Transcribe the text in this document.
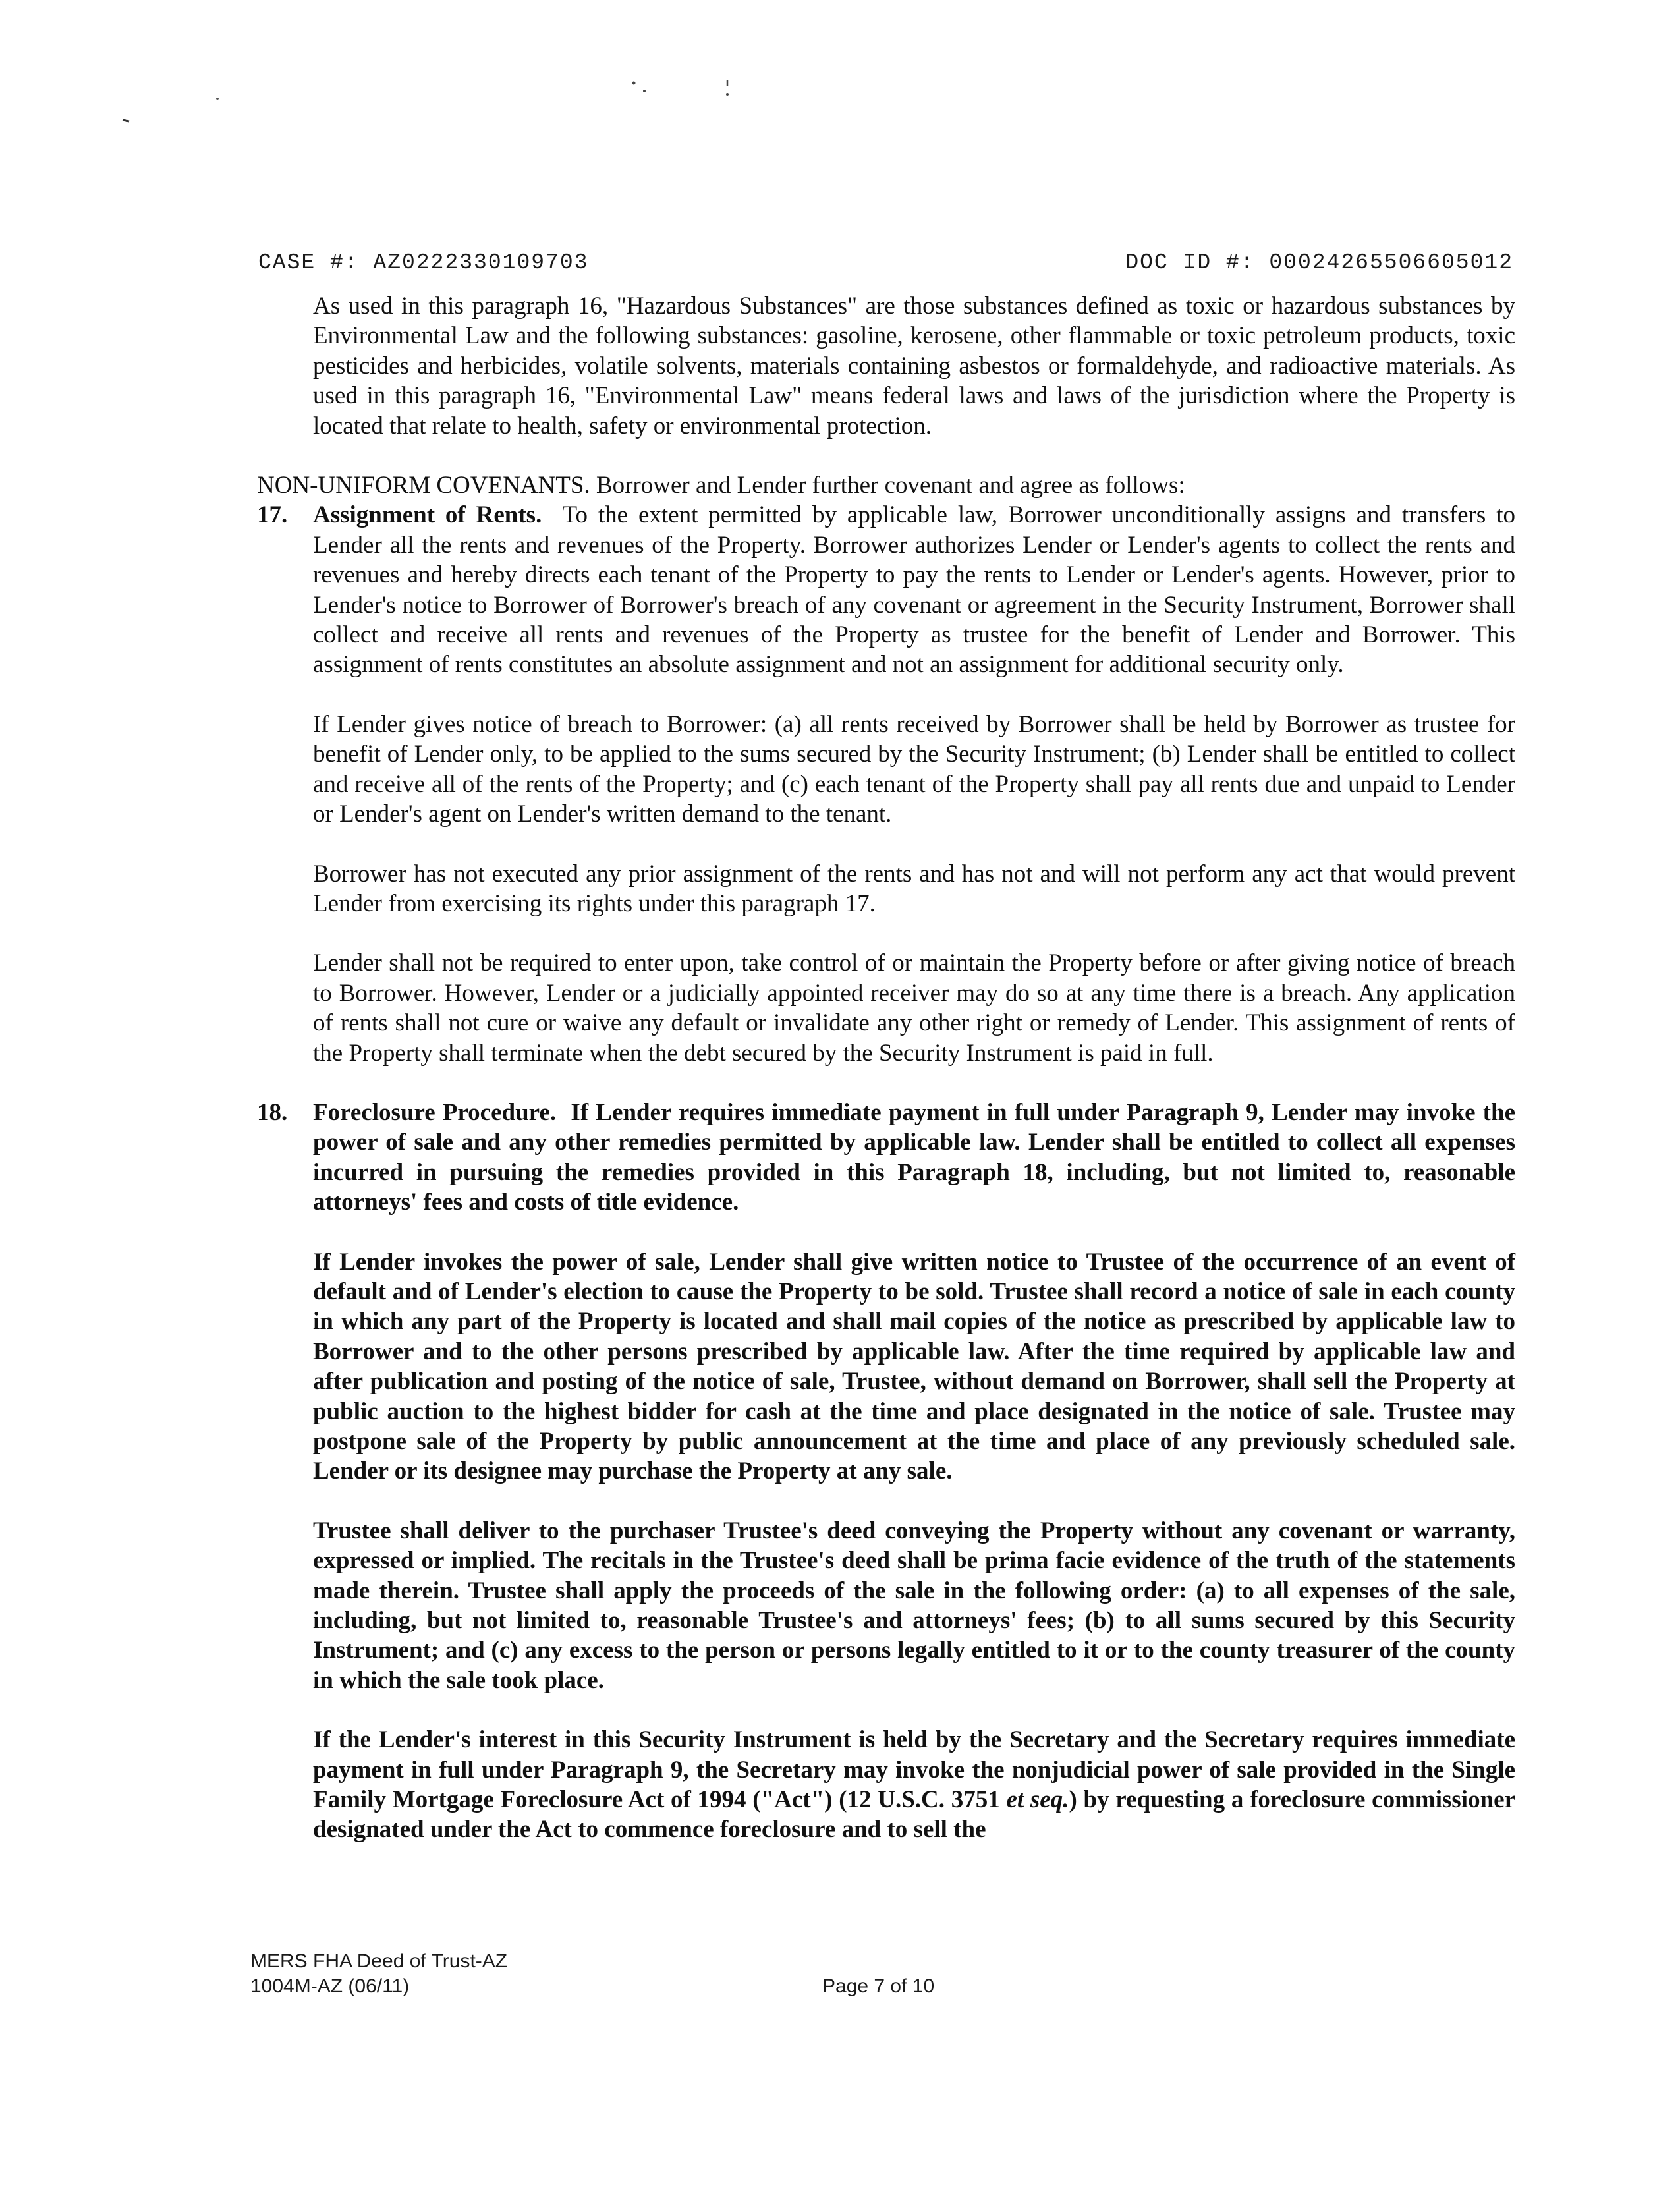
CASE #: AZ0222330109703	DOC ID #: 00024265506605012

As used in this paragraph 16, "Hazardous Substances" are those substances defined as toxic or hazardous substances by Environmental Law and the following substances: gasoline, kerosene, other flammable or toxic petroleum products, toxic pesticides and herbicides, volatile solvents, materials containing asbestos or formaldehyde, and radioactive materials. As used in this paragraph 16, "Environmental Law" means federal laws and laws of the jurisdiction where the Property is located that relate to health, safety or environmental protection.

NON-UNIFORM COVENANTS. Borrower and Lender further covenant and agree as follows:

17. Assignment of Rents. To the extent permitted by applicable law, Borrower unconditionally assigns and transfers to Lender all the rents and revenues of the Property. Borrower authorizes Lender or Lender's agents to collect the rents and revenues and hereby directs each tenant of the Property to pay the rents to Lender or Lender's agents. However, prior to Lender's notice to Borrower of Borrower's breach of any covenant or agreement in the Security Instrument, Borrower shall collect and receive all rents and revenues of the Property as trustee for the benefit of Lender and Borrower. This assignment of rents constitutes an absolute assignment and not an assignment for additional security only.

If Lender gives notice of breach to Borrower: (a) all rents received by Borrower shall be held by Borrower as trustee for benefit of Lender only, to be applied to the sums secured by the Security Instrument; (b) Lender shall be entitled to collect and receive all of the rents of the Property; and (c) each tenant of the Property shall pay all rents due and unpaid to Lender or Lender's agent on Lender's written demand to the tenant.

Borrower has not executed any prior assignment of the rents and has not and will not perform any act that would prevent Lender from exercising its rights under this paragraph 17.

Lender shall not be required to enter upon, take control of or maintain the Property before or after giving notice of breach to Borrower. However, Lender or a judicially appointed receiver may do so at any time there is a breach. Any application of rents shall not cure or waive any default or invalidate any other right or remedy of Lender. This assignment of rents of the Property shall terminate when the debt secured by the Security Instrument is paid in full.

18. Foreclosure Procedure. If Lender requires immediate payment in full under Paragraph 9, Lender may invoke the power of sale and any other remedies permitted by applicable law. Lender shall be entitled to collect all expenses incurred in pursuing the remedies provided in this Paragraph 18, including, but not limited to, reasonable attorneys' fees and costs of title evidence.

If Lender invokes the power of sale, Lender shall give written notice to Trustee of the occurrence of an event of default and of Lender's election to cause the Property to be sold. Trustee shall record a notice of sale in each county in which any part of the Property is located and shall mail copies of the notice as prescribed by applicable law to Borrower and to the other persons prescribed by applicable law. After the time required by applicable law and after publication and posting of the notice of sale, Trustee, without demand on Borrower, shall sell the Property at public auction to the highest bidder for cash at the time and place designated in the notice of sale. Trustee may postpone sale of the Property by public announcement at the time and place of any previously scheduled sale. Lender or its designee may purchase the Property at any sale.

Trustee shall deliver to the purchaser Trustee's deed conveying the Property without any covenant or warranty, expressed or implied. The recitals in the Trustee's deed shall be prima facie evidence of the truth of the statements made therein. Trustee shall apply the proceeds of the sale in the following order: (a) to all expenses of the sale, including, but not limited to, reasonable Trustee's and attorneys' fees; (b) to all sums secured by this Security Instrument; and (c) any excess to the person or persons legally entitled to it or to the county treasurer of the county in which the sale took place.

If the Lender's interest in this Security Instrument is held by the Secretary and the Secretary requires immediate payment in full under Paragraph 9, the Secretary may invoke the nonjudicial power of sale provided in the Single Family Mortgage Foreclosure Act of 1994 ("Act") (12 U.S.C. 3751 et seq.) by requesting a foreclosure commissioner designated under the Act to commence foreclosure and to sell the

MERS FHA Deed of Trust-AZ
1004M-AZ (06/11)	Page 7 of 10
